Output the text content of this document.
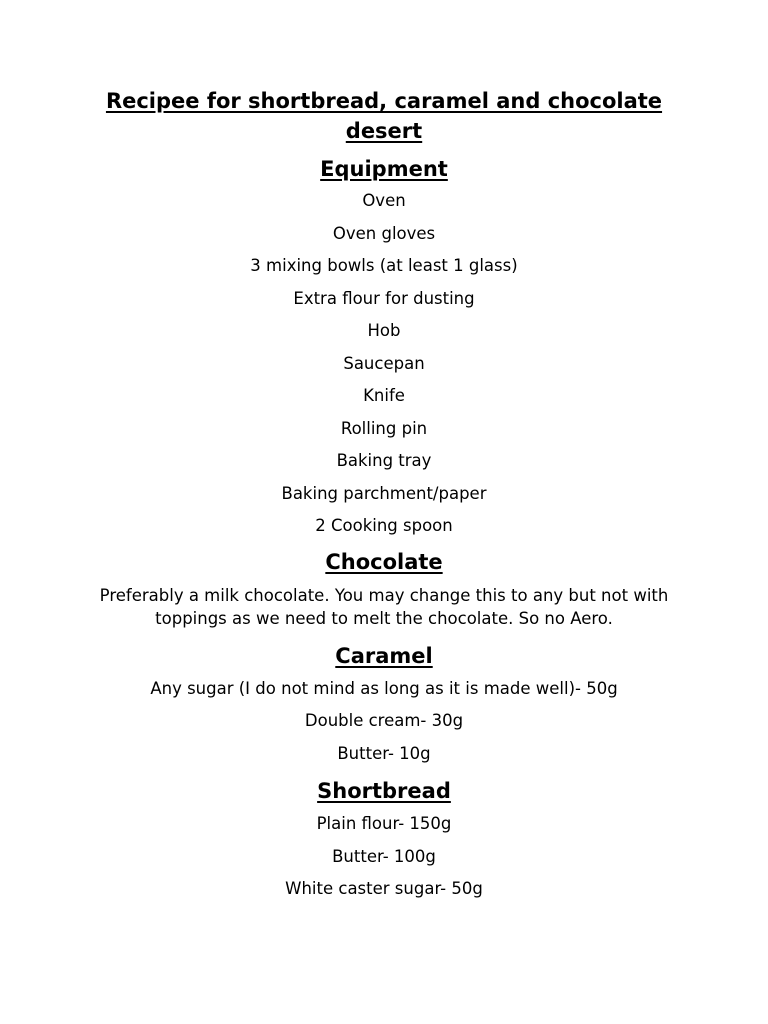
Recipee for shortbread, caramel and chocolate desert
Equipment

Oven

Oven gloves

3 mixing bowls (at least 1 glass)

Extra flour for dusting

Hob

Saucepan

Knife

Rolling pin

Baking tray

Baking parchment/paper

2 Cooking spoon

Chocolate

Preferably a milk chocolate. You may change this to any but not with toppings as we need to melt the chocolate. So no Aero.

Caramel

Any sugar (I do not mind as long as it is made well)- 50g

Double cream- 30g

Butter- 10g

Shortbread

Plain flour- 150g

Butter- 100g

White caster sugar- 50g
